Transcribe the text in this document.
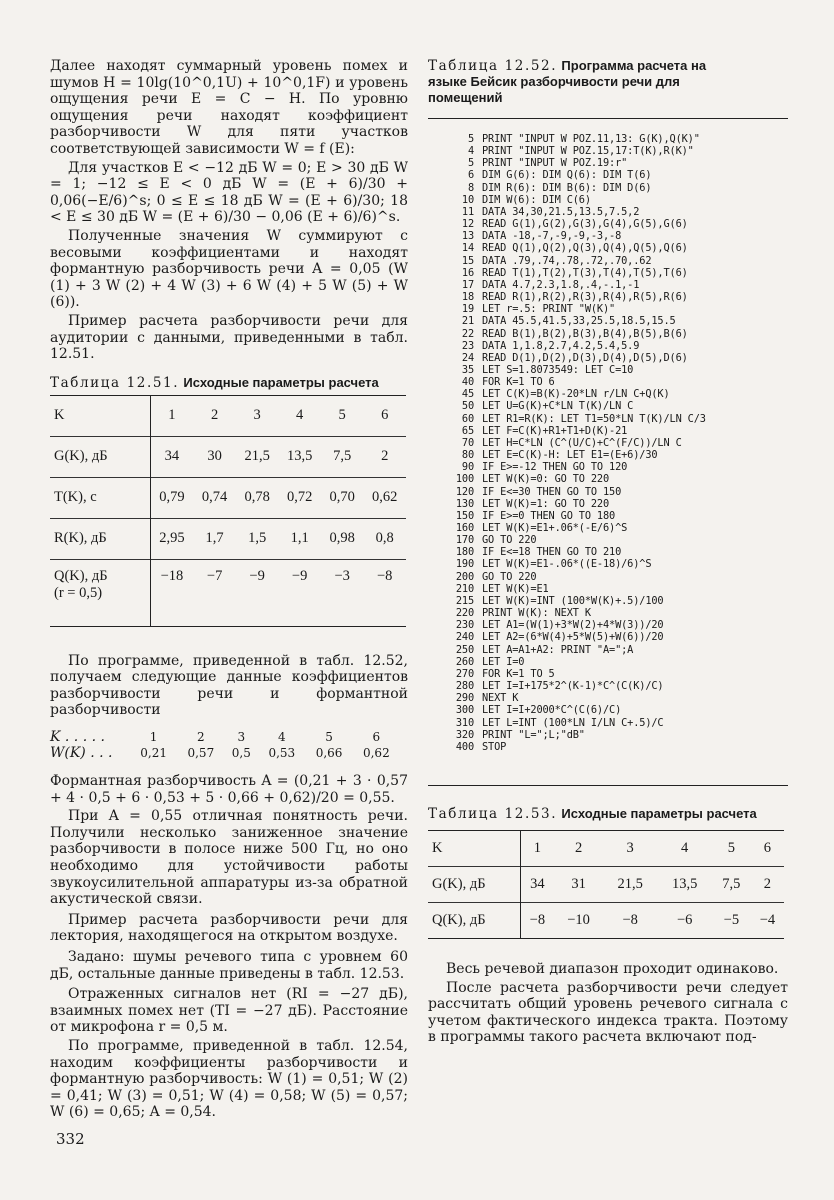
Далее находят суммарный уровень помех и шумов H = 10lg(10^0,1U) + 10^0,1F) и уровень ощущения речи E = C − H. По уровню ощущения речи находят коэффициент разборчивости W для пяти участков соответствующей зависимости W = f (E):

Для участков E < −12 дБ W = 0; E > 30 дБ W = 1; −12 ≤ E < 0 дБ W = (E + 6)/30 + 0,06(−E/6)^s; 0 ≤ E ≤ 18 дБ W = (E + 6)/30; 18 < E ≤ 30 дБ W = (E + 6)/30 − 0,06 (E + 6)/6)^s.

Полученные значения W суммируют с весовыми коэффициентами и находят формантную разборчивость речи A = 0,05 (W (1) + 3 W (2) + 4 W (3) + 6 W (4) + 5 W (5) + W (6)).

Пример расчета разборчивости речи для аудитории с данными, приведенными в табл. 12.51.

Таблица 12.51. Исходные параметры расчета
K	1	2	3	4	5	6
G(K), дБ	34	30	21,5	13,5	7,5	2
T(K), с	0,79	0,74	0,78	0,72	0,70	0,62
R(K), дБ	2,95	1,7	1,5	1,1	0,98	0,8
Q(K), дБ
(r = 0,5)	−18	−7	−9	−9	−3	−8

По программе, приведенной в табл. 12.52, получаем следующие данные коэффициентов разборчивости речи и формантной разборчивости

K . . . . .	1	2	3	4	5	6
W(K) . . .	0,21	0,57	0,5	0,53	0,66	0,62

Формантная разборчивость A = (0,21 + 3 · 0,57 + 4 · 0,5 + 6 · 0,53 + 5 · 0,66 + 0,62)/20 = 0,55.

При A = 0,55 отличная понятность речи. Получили несколько заниженное значение разборчивости в полосе ниже 500 Гц, но оно необходимо для устойчивости работы звукоусилительной аппаратуры из-за обратной акустической связи.

Пример расчета разборчивости речи для лектория, находящегося на открытом воздухе.

Задано: шумы речевого типа с уровнем 60 дБ, остальные данные приведены в табл. 12.53.

Отраженных сигналов нет (RI = −27 дБ), взаимных помех нет (TI = −27 дБ). Расстояние от микрофона r = 0,5 м.

По программе, приведенной в табл. 12.54, находим коэффициенты разборчивости и формантную разборчивость: W (1) = 0,51; W (2) = 0,41; W (3) = 0,51; W (4) = 0,58; W (5) = 0,57; W (6) = 0,65; A = 0,54.

332
Таблица 12.52. Программа расчета на языке Бейсик разборчивости речи для помещений
5 PRINT "INPUT W POZ.11,13: G(K),Q(K)"
4 PRINT "INPUT W POZ.15,17:T(K),R(K)"
5 PRINT "INPUT W POZ.19:r"
6 DIM G(6): DIM Q(6): DIM T(6)
8 DIM R(6): DIM B(6): DIM D(6)
10 DIM W(6): DIM C(6)
11 DATA 34,30,21.5,13.5,7.5,2
12 READ G(1),G(2),G(3),G(4),G(5),G(6)
13 DATA -18,-7,-9,-9,-3,-8
14 READ Q(1),Q(2),Q(3),Q(4),Q(5),Q(6)
15 DATA .79,.74,.78,.72,.70,.62
16 READ T(1),T(2),T(3),T(4),T(5),T(6)
17 DATA 4.7,2.3,1.8,.4,-.1,-1
18 READ R(1),R(2),R(3),R(4),R(5),R(6)
19 LET r=.5: PRINT "W(K)"
21 DATA 45.5,41.5,33,25.5,18.5,15.5
22 READ B(1),B(2),B(3),B(4),B(5),B(6)
23 DATA 1,1.8,2.7,4.2,5.4,5.9
24 READ D(1),D(2),D(3),D(4),D(5),D(6)
35 LET S=1.8073549: LET C=10
40 FOR K=1 TO 6
45 LET C(K)=B(K)-20*LN r/LN C+Q(K)
50 LET U=G(K)+C*LN T(K)/LN C
60 LET R1=R(K): LET T1=50*LN T(K)/LN C/3
65 LET F=C(K)+R1+T1+D(K)-21
70 LET H=C*LN (C^(U/C)+C^(F/C))/LN C
80 LET E=C(K)-H: LET E1=(E+6)/30
90 IF E>=-12 THEN GO TO 120
100 LET W(K)=0: GO TO 220
120 IF E<=30 THEN GO TO 150
130 LET W(K)=1: GO TO 220
150 IF E>=0 THEN GO TO 180
160 LET W(K)=E1+.06*(-E/6)^S
170 GO TO 220
180 IF E<=18 THEN GO TO 210
190 LET W(K)=E1-.06*((E-18)/6)^S
200 GO TO 220
210 LET W(K)=E1
215 LET W(K)=INT (100*W(K)+.5)/100
220 PRINT W(K): NEXT K
230 LET A1=(W(1)+3*W(2)+4*W(3))/20
240 LET A2=(6*W(4)+5*W(5)+W(6))/20
250 LET A=A1+A2: PRINT "A=";A
260 LET I=0
270 FOR K=1 TO 5
280 LET I=I+175*2^(K-1)*C^(C(K)/C)
290 NEXT K
300 LET I=I+2000*C^(C(6)/C)
310 LET L=INT (100*LN I/LN C+.5)/C
320 PRINT "L=";L;"dB"
400 STOP
Таблица 12.53. Исходные параметры расчета
K	1	2	3	4	5	6
G(K), дБ	34	31	21,5	13,5	7,5	2
Q(K), дБ	−8	−10	−8	−6	−5	−4

Весь речевой диапазон проходит одинаково.

После расчета разборчивости речи следует рассчитать общий уровень речевого сигнала с учетом фактического индекса тракта. Поэтому в программы такого расчета включают под-
